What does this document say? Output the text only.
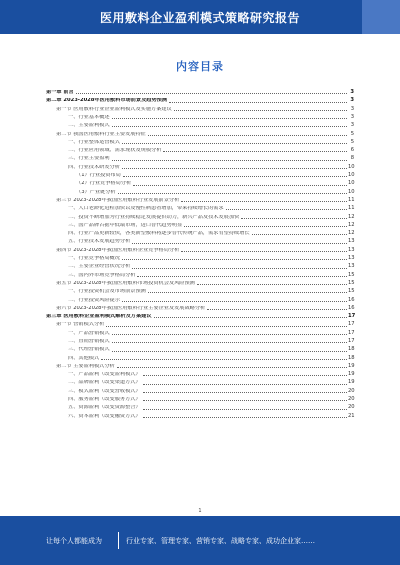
医用敷料企业盈利模式策略研究报告
内容目录
第一章 前言	3
第二章 2023-2028年医用敷料市场前景及趋势预测	3
第一节 医用敷料行业企业盈利模式及实施方案建议	3
一、行业基本概述	3
二、主要盈利模式	3
第二节 我国医用敷料行业主要发展特征	5
一、行业整体运营模式	5
二、行业应用领域、需求现状及规模分析	6
三、行业主要盈利	8
四、行业技术研发分析	10
（1）行业投资布局	10
（2）行业竞争格局分析	10
（3）产业链分析	10
第三节 2023-2028年我国医用敷料行业发展前景分析	11
一、人口老龄化进程加快以及慢性病患者增加，带来持续增长的需求	11
二、投资不断增加为行业持续稳定发展提供动力，新兴产品及技术发展加快	12
三、国产品牌占据中低端市场，进口替代趋势明显	12
四、行业产品更新较快，各类新型敷料将逐步替代传统产品，需求有望持续增长	12
五、行业技术发展趋势分析	13
第四节 2023-2028年我国医用敷料企业竞争格局分析	13
一、行业竞争格局概况	13
二、主要企业经营状况分析	13
三、国内外市场竞争格局分析	15
第五节 2023-2028年我国医用敷料市场投资机会及风险预测	15
一、行业投资机会及市场前景预测	15
二、行业投资风险提示	16
第六节 2023-2028年我国医用敷料行业主要企业及发展战略分析	16
第三章 医用敷料企业盈利模式解析及方案建议	17
第一节 营销模式分析	17
一、产品营销模式	17
二、直销营销模式	17
三、代理营销模式	18
四、其他模式	18
第二节 主要盈利模式分析	19
一、产品盈利（改变盈利模式）	19
二、品牌盈利（改变渠道方式）	19
三、模式盈利（改变营收模式）	20
四、服务盈利（改变服务方式）	20
五、资源盈利（改变资源整合）	20
六、资本盈利（改变融资方式）	21
1
让每个人都能成为	行业专家、管理专家、营销专家、战略专家、成功企业家……
